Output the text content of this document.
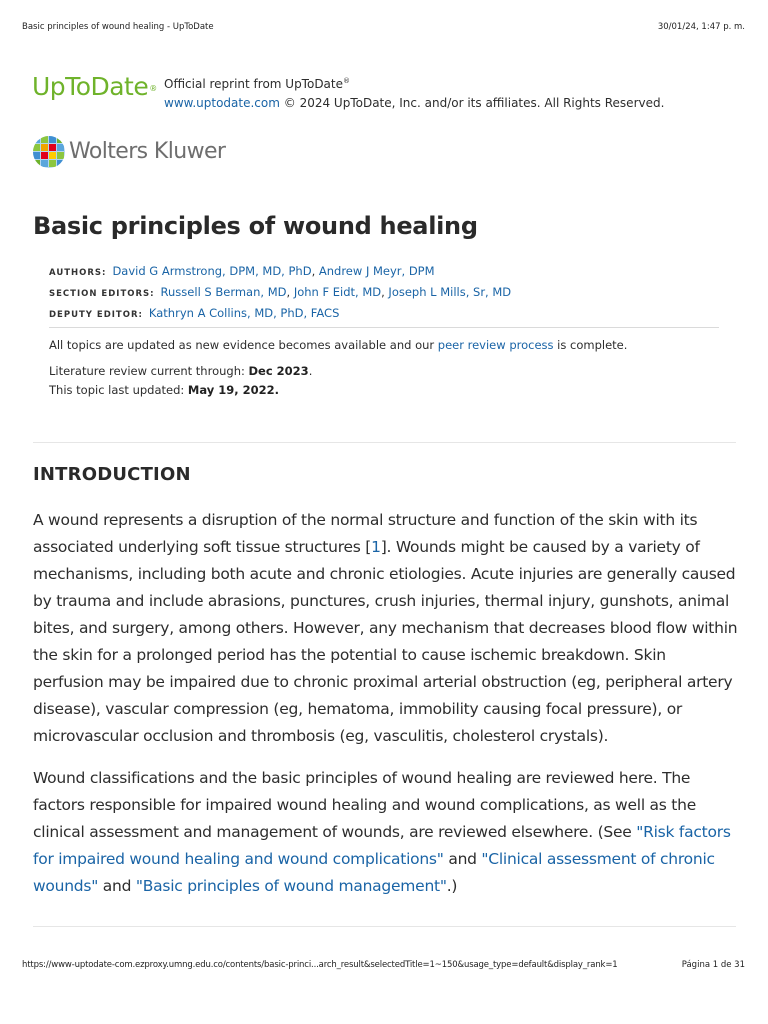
Basic principles of wound healing - UpToDate	30/01/24, 1:47 p. m.
UpToDate® Official reprint from UpToDate®
www.uptodate.com © 2024 UpToDate, Inc. and/or its affiliates. All Rights Reserved.
Wolters Kluwer
Basic principles of wound healing
AUTHORS: David G Armstrong, DPM, MD, PhD, Andrew J Meyr, DPM
SECTION EDITORS: Russell S Berman, MD, John F Eidt, MD, Joseph L Mills, Sr, MD
DEPUTY EDITOR: Kathryn A Collins, MD, PhD, FACS
All topics are updated as new evidence becomes available and our peer review process is complete.
Literature review current through: Dec 2023.
This topic last updated: May 19, 2022.
INTRODUCTION

A wound represents a disruption of the normal structure and function of the skin with its associated underlying soft tissue structures [1]. Wounds might be caused by a variety of mechanisms, including both acute and chronic etiologies. Acute injuries are generally caused by trauma and include abrasions, punctures, crush injuries, thermal injury, gunshots, animal bites, and surgery, among others. However, any mechanism that decreases blood flow within the skin for a prolonged period has the potential to cause ischemic breakdown. Skin perfusion may be impaired due to chronic proximal arterial obstruction (eg, peripheral artery disease), vascular compression (eg, hematoma, immobility causing focal pressure), or microvascular occlusion and thrombosis (eg, vasculitis, cholesterol crystals).

Wound classifications and the basic principles of wound healing are reviewed here. The factors responsible for impaired wound healing and wound complications, as well as the clinical assessment and management of wounds, are reviewed elsewhere. (See "Risk factors for impaired wound healing and wound complications" and "Clinical assessment of chronic wounds" and "Basic principles of wound management".)

https://www-uptodate-com.ezproxy.umng.edu.co/contents/basic-princi...arch_result&selectedTitle=1~150&usage_type=default&display_rank=1	Página 1 de 31
